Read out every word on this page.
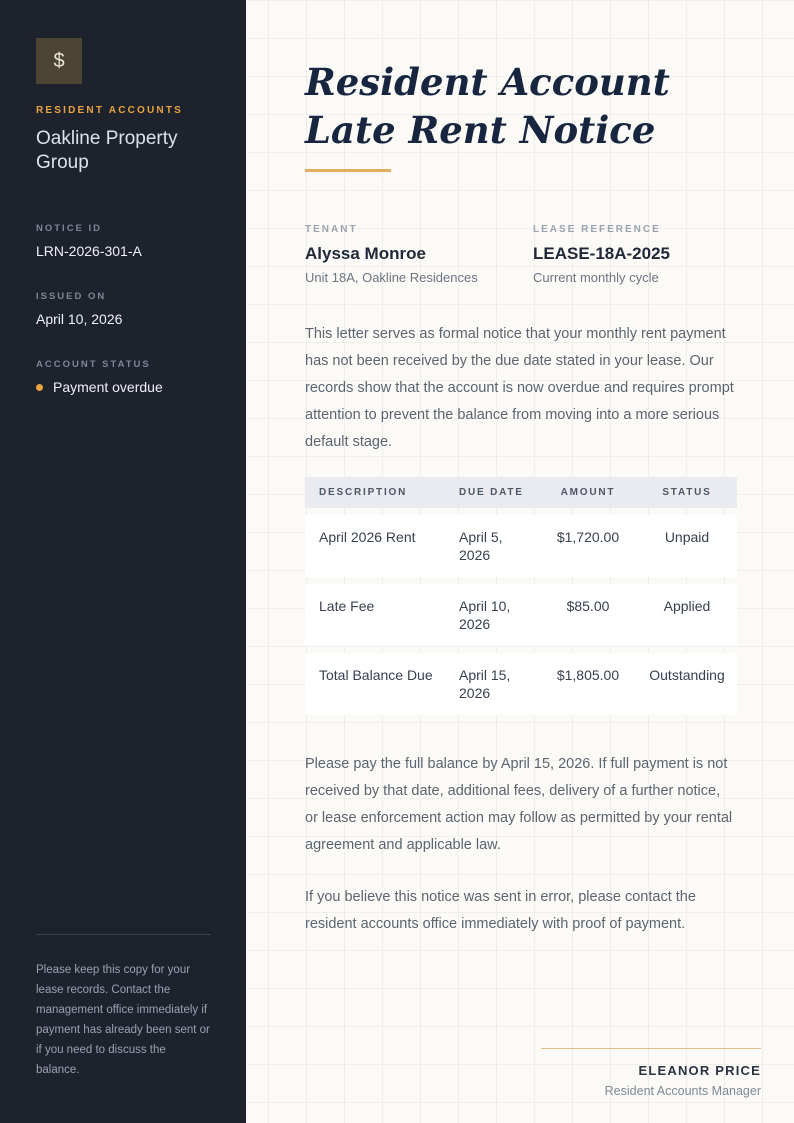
$
RESIDENT ACCOUNTS
Oakline Property Group
NOTICE ID
LRN-2026-301-A
ISSUED ON
April 10, 2026
ACCOUNT STATUS
Payment overdue
Please keep this copy for your lease records. Contact the management office immediately if payment has already been sent or if you need to discuss the balance.
Resident Account
Late Rent Notice
TENANT
Alyssa Monroe
Unit 18A, Oakline Residences
LEASE REFERENCE
LEASE-18A-2025
Current monthly cycle

This letter serves as formal notice that your monthly rent payment has not been received by the due date stated in your lease. Our records show that the account is now overdue and requires prompt attention to prevent the balance from moving into a more serious default stage.

DESCRIPTION	DUE DATE	AMOUNT	STATUS
April 2026 Rent	April 5, 2026	$1,720.00	Unpaid
Late Fee	April 10, 2026	$85.00	Applied
Total Balance Due	April 15, 2026	$1,805.00	Outstanding

Please pay the full balance by April 15, 2026. If full payment is not received by that date, additional fees, delivery of a further notice, or lease enforcement action may follow as permitted by your rental agreement and applicable law.

If you believe this notice was sent in error, please contact the resident accounts office immediately with proof of payment.

ELEANOR PRICE
Resident Accounts Manager
